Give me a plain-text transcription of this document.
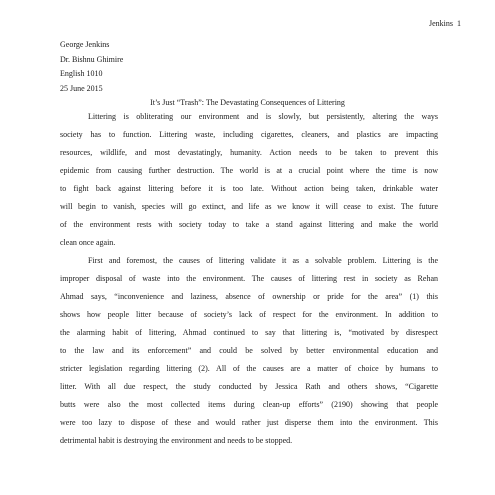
Jenkins  1
George Jenkins
Dr. Bishnu Ghimire
English 1010
25 June 2015
It’s Just “Trash”: The Devastating Consequences of Littering
Littering is obliterating our environment and is slowly, but persistently, altering the ways
society has to function. Littering waste, including cigarettes, cleaners, and plastics are impacting
resources, wildlife, and most devastatingly, humanity. Action needs to be taken to prevent this
epidemic from causing further destruction. The world is at a crucial point where the time is now
to fight back against littering before it is too late. Without action being taken, drinkable water
will begin to vanish, species will go extinct, and life as we know it will cease to exist. The future
of the environment rests with society today to take a stand against littering and make the world
clean once again.
First and foremost, the causes of littering validate it as a solvable problem. Littering is the
improper disposal of waste into the environment. The causes of littering rest in society as Rehan
Ahmad says, “inconvenience and laziness, absence of ownership or pride for the area” (1) this
shows how people litter because of society’s lack of respect for the environment. In addition to
the alarming habit of littering, Ahmad continued to say that littering is, “motivated by disrespect
to the law and its enforcement” and could be solved by better environmental education and
stricter legislation regarding littering (2). All of the causes are a matter of choice by humans to
litter. With all due respect, the study conducted by Jessica Rath and others shows, “Cigarette
butts were also the most collected items during clean-up efforts” (2190) showing that people
were too lazy to dispose of these and would rather just disperse them into the environment. This
detrimental habit is destroying the environment and needs to be stopped.
